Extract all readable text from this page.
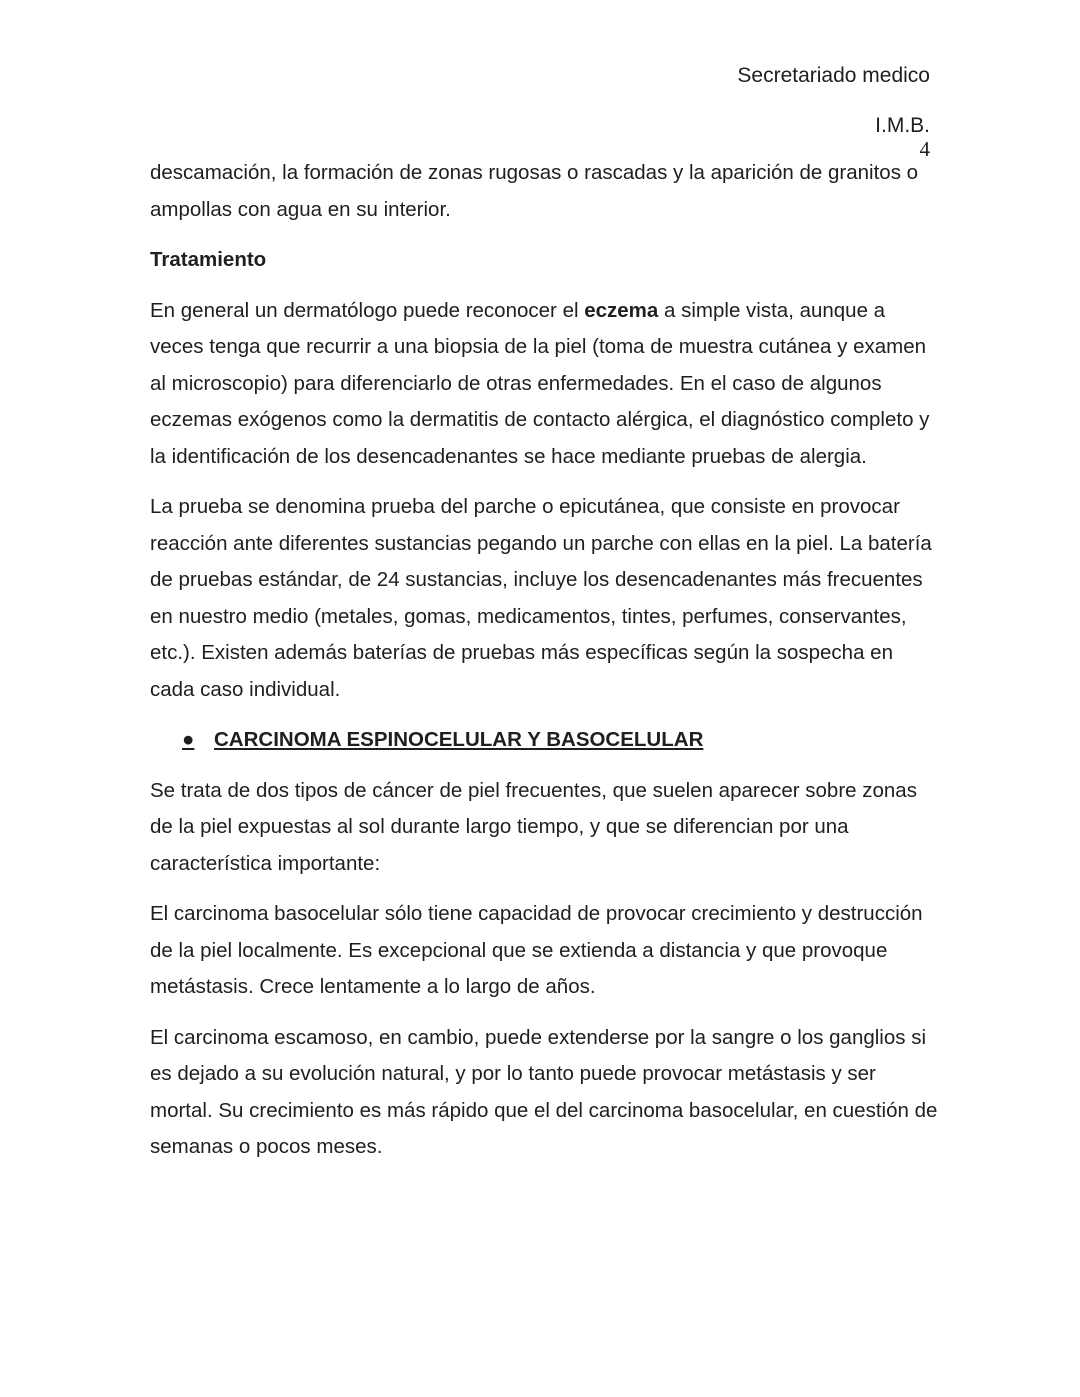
Secretariado medico
I.M.B.
4

descamación, la formación de zonas rugosas o rascadas y la aparición de granitos o ampollas con agua en su interior.

Tratamiento

En general un dermatólogo puede reconocer el eczema a simple vista, aunque a veces tenga que recurrir a una biopsia de la piel (toma de muestra cutánea y examen al microscopio) para diferenciarlo de otras enfermedades. En el caso de algunos eczemas exógenos como la dermatitis de contacto alérgica, el diagnóstico completo y la identificación de los desencadenantes se hace mediante pruebas de alergia.

La prueba se denomina prueba del parche o epicutánea, que consiste en provocar reacción ante diferentes sustancias pegando un parche con ellas en la piel. La batería de pruebas estándar, de 24 sustancias, incluye los desencadenantes más frecuentes en nuestro medio (metales, gomas, medicamentos, tintes, perfumes, conservantes, etc.). Existen además baterías de pruebas más específicas según la sospecha en cada caso individual.

● CARCINOMA ESPINOCELULAR Y BASOCELULAR

Se trata de dos tipos de cáncer de piel frecuentes, que suelen aparecer sobre zonas de la piel expuestas al sol durante largo tiempo, y que se diferencian por una característica importante:

El carcinoma basocelular sólo tiene capacidad de provocar crecimiento y destrucción de la piel localmente. Es excepcional que se extienda a distancia y que provoque metástasis. Crece lentamente a lo largo de años.

El carcinoma escamoso, en cambio, puede extenderse por la sangre o los ganglios si es dejado a su evolución natural, y por lo tanto puede provocar metástasis y ser mortal. Su crecimiento es más rápido que el del carcinoma basocelular, en cuestión de semanas o pocos meses.
